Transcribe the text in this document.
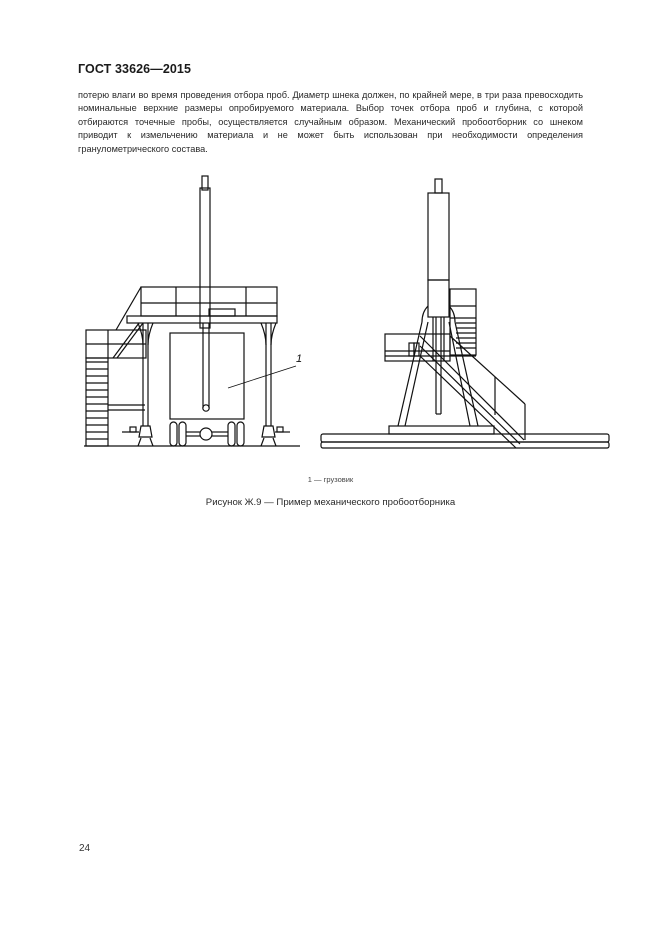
ГОСТ 33626—2015
потерю влаги во время проведения отбора проб. Диаметр шнека должен, по крайней мере, в три раза превосходить номинальные верхние размеры опробируемого материала. Выбор точек отбора проб и глубина, с которой отбираются точечные пробы, осуществляется случайным образом. Механический пробоотборник со шнеком приводит к измельчению материала и не может быть использован при необходимости определения гранулометрического состава.
1
1 — грузовик
Рисунок Ж.9 — Пример механического пробоотборника
24
